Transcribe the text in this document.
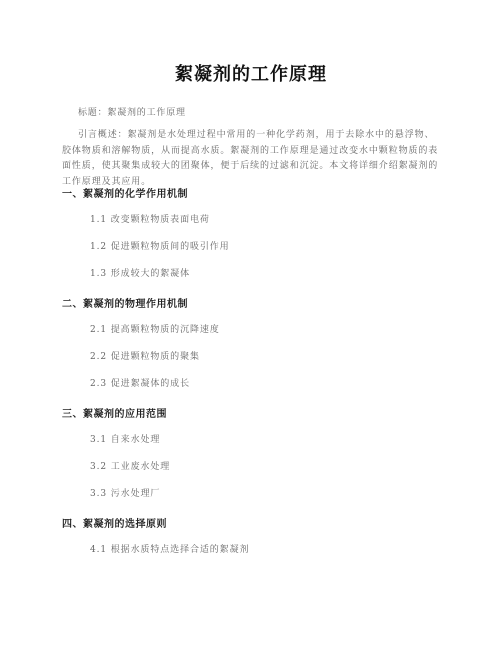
絮凝剂的工作原理
标题：絮凝剂的工作原理

引言概述：絮凝剂是水处理过程中常用的一种化学药剂，用于去除水中的悬浮物、胶体物质和溶解物质，从而提高水质。絮凝剂的工作原理是通过改变水中颗粒物质的表面性质，使其聚集成较大的团聚体，便于后续的过滤和沉淀。本文将详细介绍絮凝剂的工作原理及其应用。

一、絮凝剂的化学作用机制
1.1 改变颗粒物质表面电荷
1.2 促进颗粒物质间的吸引作用
1.3 形成较大的絮凝体
二、絮凝剂的物理作用机制
2.1 提高颗粒物质的沉降速度
2.2 促进颗粒物质的聚集
2.3 促进絮凝体的成长
三、絮凝剂的应用范围
3.1 自来水处理
3.2 工业废水处理
3.3 污水处理厂
四、絮凝剂的选择原则
4.1 根据水质特点选择合适的絮凝剂
